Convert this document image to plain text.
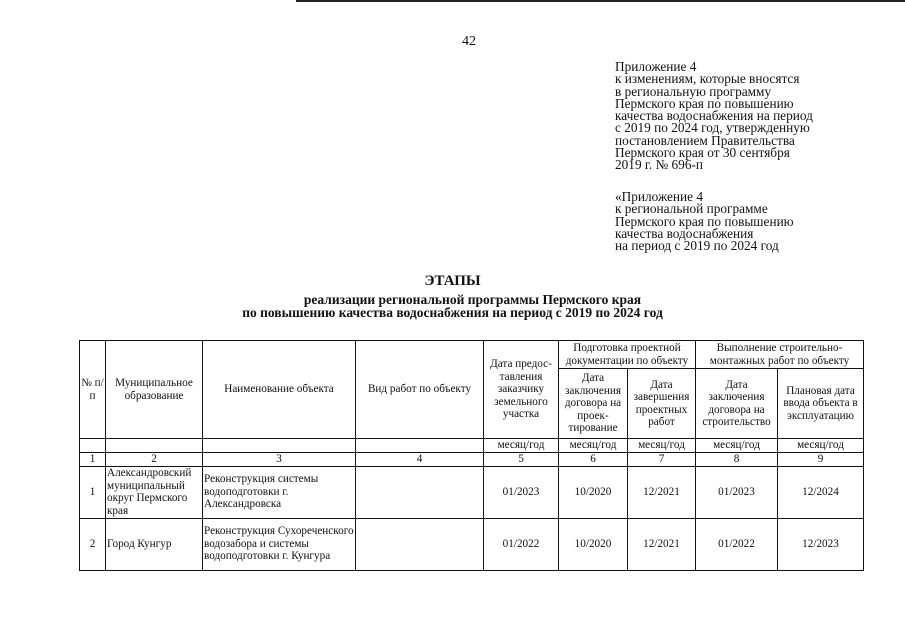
42
Приложение 4
к изменениям, которые вносятся
в региональную программу
Пермского края по повышению
качества водоснабжения на период
с 2019 по 2024 год, утвержденную
постановлением Правительства
Пермского края от 30 сентября
2019 г. № 696-п
«Приложение 4
к региональной программе
Пермского края по повышению
качества водоснабжения
на период с 2019 по 2024 год
ЭТАПЫ
реализации региональной программы Пермского края
по повышению качества водоснабжения на период с 2019 по 2024 год
№ п/п	Муниципальное образование	Наименование объекта	Вид работ по объекту	Дата предос-тавления заказчику земельного участка	Подготовка проектной документации по объекту		Выполнение строительно-монтажных работ по объекту	
					Дата заключения договора на проек-тирование	Дата завершения проектных работ	Дата заключения договора на строительство	Плановая дата ввода объекта в эксплуатацию
				месяц/год	месяц/год	месяц/год	месяц/год	месяц/год
1	2	3	4	5	6	7	8	9
1	Александровский муниципальный округ Пермского края	Реконструкция системы водоподготовки г. Александровска		01/2023	10/2020	12/2021	01/2023	12/2024
2	Город Кунгур	Реконструкция Сухореченского водозабора и системы водоподготовки г. Кунгура		01/2022	10/2020	12/2021	01/2022	12/2023
